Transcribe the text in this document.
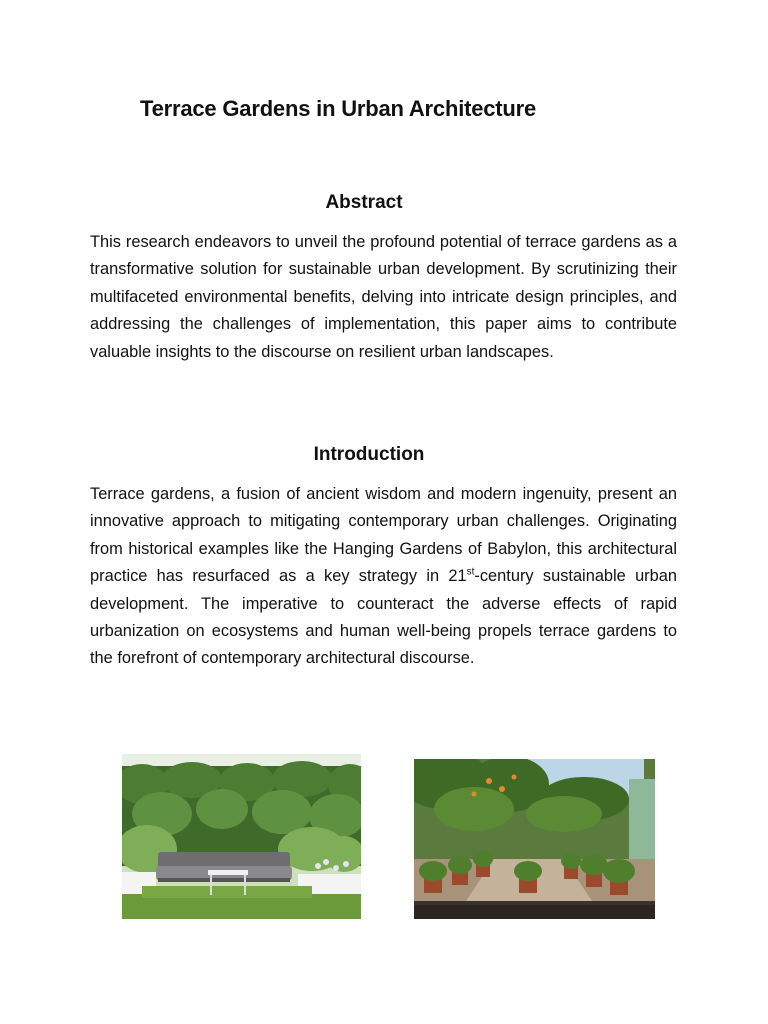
Terrace Gardens in Urban Architecture
Abstract

This research endeavors to unveil the profound potential of terrace gardens as a transformative solution for sustainable urban development. By scrutinizing their multifaceted environmental benefits, delving into intricate design principles, and addressing the challenges of implementation, this paper aims to contribute valuable insights to the discourse on resilient urban landscapes.

Introduction

Terrace gardens, a fusion of ancient wisdom and modern ingenuity, present an innovative approach to mitigating contemporary urban challenges. Originating from historical examples like the Hanging Gardens of Babylon, this architectural practice has resurfaced as a key strategy in 21st-century sustainable urban development. The imperative to counteract the adverse effects of rapid urbanization on ecosystems and human well-being propels terrace gardens to the forefront of contemporary architectural discourse.
